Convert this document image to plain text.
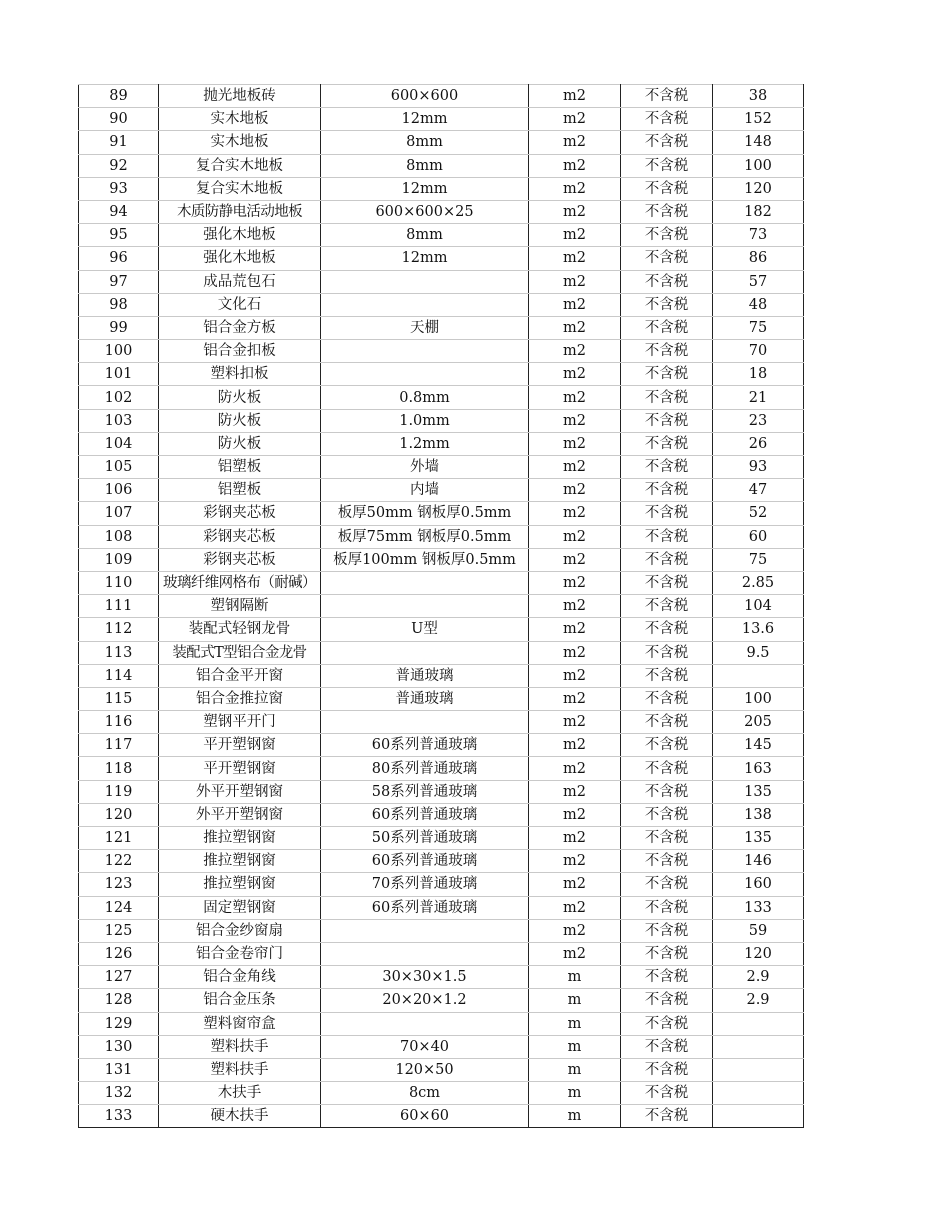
89	抛光地板砖	600×600	m2	不含税	38
90	实木地板	12mm	m2	不含税	152
91	实木地板	8mm	m2	不含税	148
92	复合实木地板	8mm	m2	不含税	100
93	复合实木地板	12mm	m2	不含税	120
94	木质防静电活动地板	600×600×25	m2	不含税	182
95	强化木地板	8mm	m2	不含税	73
96	强化木地板	12mm	m2	不含税	86
97	成品荒包石		m2	不含税	57
98	文化石		m2	不含税	48
99	铝合金方板	天棚	m2	不含税	75
100	铝合金扣板		m2	不含税	70
101	塑料扣板		m2	不含税	18
102	防火板	0.8mm	m2	不含税	21
103	防火板	1.0mm	m2	不含税	23
104	防火板	1.2mm	m2	不含税	26
105	铝塑板	外墙	m2	不含税	93
106	铝塑板	内墙	m2	不含税	47
107	彩钢夹芯板	板厚50mm 钢板厚0.5mm	m2	不含税	52
108	彩钢夹芯板	板厚75mm 钢板厚0.5mm	m2	不含税	60
109	彩钢夹芯板	板厚100mm 钢板厚0.5mm	m2	不含税	75
110	玻璃纤维网格布（耐碱）		m2	不含税	2.85
111	塑钢隔断		m2	不含税	104
112	装配式轻钢龙骨	U型	m2	不含税	13.6
113	装配式T型铝合金龙骨		m2	不含税	9.5
114	铝合金平开窗	普通玻璃	m2	不含税	
115	铝合金推拉窗	普通玻璃	m2	不含税	100
116	塑钢平开门		m2	不含税	205
117	平开塑钢窗	60系列普通玻璃	m2	不含税	145
118	平开塑钢窗	80系列普通玻璃	m2	不含税	163
119	外平开塑钢窗	58系列普通玻璃	m2	不含税	135
120	外平开塑钢窗	60系列普通玻璃	m2	不含税	138
121	推拉塑钢窗	50系列普通玻璃	m2	不含税	135
122	推拉塑钢窗	60系列普通玻璃	m2	不含税	146
123	推拉塑钢窗	70系列普通玻璃	m2	不含税	160
124	固定塑钢窗	60系列普通玻璃	m2	不含税	133
125	铝合金纱窗扇		m2	不含税	59
126	铝合金卷帘门		m2	不含税	120
127	铝合金角线	30×30×1.5	m	不含税	2.9
128	铝合金压条	20×20×1.2	m	不含税	2.9
129	塑料窗帘盒		m	不含税	
130	塑料扶手	70×40	m	不含税	
131	塑料扶手	120×50	m	不含税	
132	木扶手	8cm	m	不含税	
133	硬木扶手	60×60	m	不含税	
